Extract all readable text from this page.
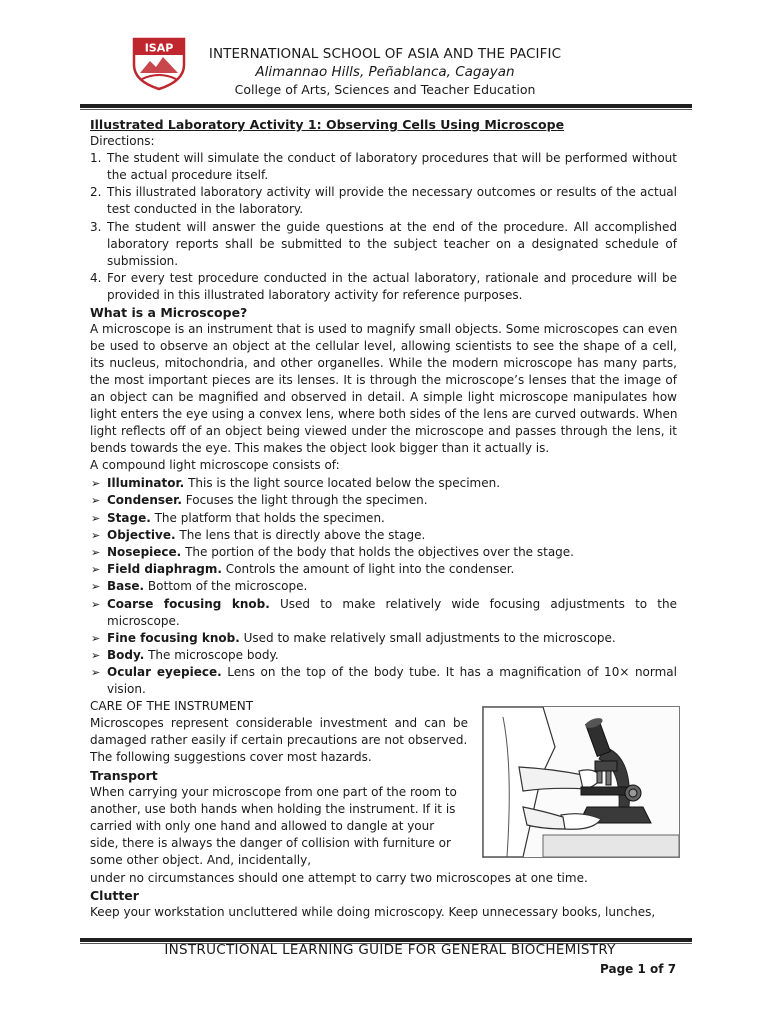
ISAP	INTERNATIONAL SCHOOL OF ASIA AND THE PACIFIC
Alimannao Hills, Peñablanca, Cagayan
College of Arts, Sciences and Teacher Education
Illustrated Laboratory Activity 1: Observing Cells Using Microscope
Directions:
1. The student will simulate the conduct of laboratory procedures that will be performed without
the actual procedure itself.
2. This illustrated laboratory activity will provide the necessary outcomes or results of the actual
test conducted in the laboratory.
3. The student will answer the guide questions at the end of the procedure. All accomplished
laboratory reports shall be submitted to the subject teacher on a designated schedule of
submission.
4. For every test procedure conducted in the actual laboratory, rationale and procedure will be
provided in this illustrated laboratory activity for reference purposes.
What is a Microscope?
A microscope is an instrument that is used to magnify small objects. Some microscopes can even
be used to observe an object at the cellular level, allowing scientists to see the shape of a cell,
its nucleus, mitochondria, and other organelles. While the modern microscope has many parts,
the most important pieces are its lenses. It is through the microscope’s lenses that the image of
an object can be magnified and observed in detail. A simple light microscope manipulates how
light enters the eye using a convex lens, where both sides of the lens are curved outwards. When
light reflects off of an object being viewed under the microscope and passes through the lens, it
bends towards the eye. This makes the object look bigger than it actually is.
A compound light microscope consists of:
➢ Illuminator. This is the light source located below the specimen.
➢ Condenser. Focuses the light through the specimen.
➢ Stage. The platform that holds the specimen.
➢ Objective. The lens that is directly above the stage.
➢ Nosepiece. The portion of the body that holds the objectives over the stage.
➢ Field diaphragm. Controls the amount of light into the condenser.
➢ Base. Bottom of the microscope.
➢ Coarse focusing knob. Used to make relatively wide focusing adjustments to the
microscope.
➢ Fine focusing knob. Used to make relatively small adjustments to the microscope.
➢ Body. The microscope body.
➢ Ocular eyepiece. Lens on the top of the body tube. It has a magnification of 10× normal
vision.
CARE OF THE INSTRUMENT
Microscopes represent considerable investment and can be
damaged rather easily if certain precautions are not observed.
The following suggestions cover most hazards.
Transport
When carrying your microscope from one part of the room to
another, use both hands when holding the instrument. If it is
carried with only one hand and allowed to dangle at your
side, there is always the danger of collision with furniture or
some other object. And, incidentally,
under no circumstances should one attempt to carry two microscopes at one time.
Clutter
Keep your workstation uncluttered while doing microscopy. Keep unnecessary books, lunches,
INSTRUCTIONAL LEARNING GUIDE FOR GENERAL BIOCHEMISTRY
Page 1 of 7
